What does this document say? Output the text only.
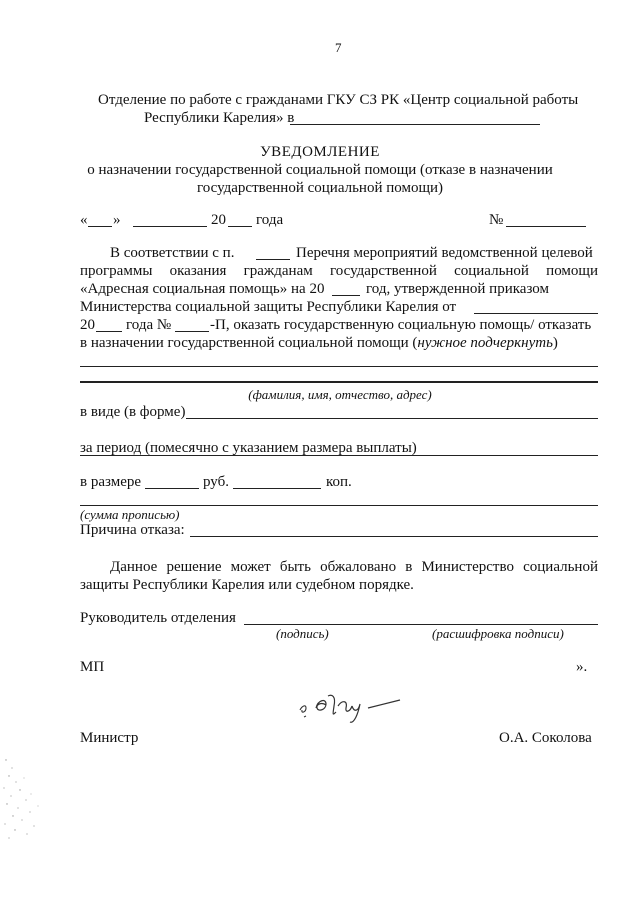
7
Отделение по работе с гражданами ГКУ СЗ РК «Центр социальной работы
Республики Карелия» в
УВЕДОМЛЕНИЕ
о назначении государственной социальной помощи (отказе в назначении
государственной социальной помощи)
« »	20 года	№
В соответствии с п.	Перечня мероприятий ведомственной целевой
программы оказания гражданам государственной социальной помощи
«Адресная социальная помощь» на 20	год, утвержденной приказом
Министерства социальной защиты Республики Карелия от
20 года №	-П, оказать государственную социальную помощь/ отказать
в назначении государственной социальной помощи (нужное подчеркнуть)
(фамилия, имя, отчество, адрес)
в виде (в форме)
за период (помесячно с указанием размера выплаты)
в размере	руб.	коп.
(сумма прописью)
Причина отказа:
Данное решение может быть обжаловано в Министерство социальной
защиты Республики Карелия или судебном порядке.
Руководитель отделения
(подпись)	(расшифровка подписи)
МП	».
Министр	О.А. Соколова
